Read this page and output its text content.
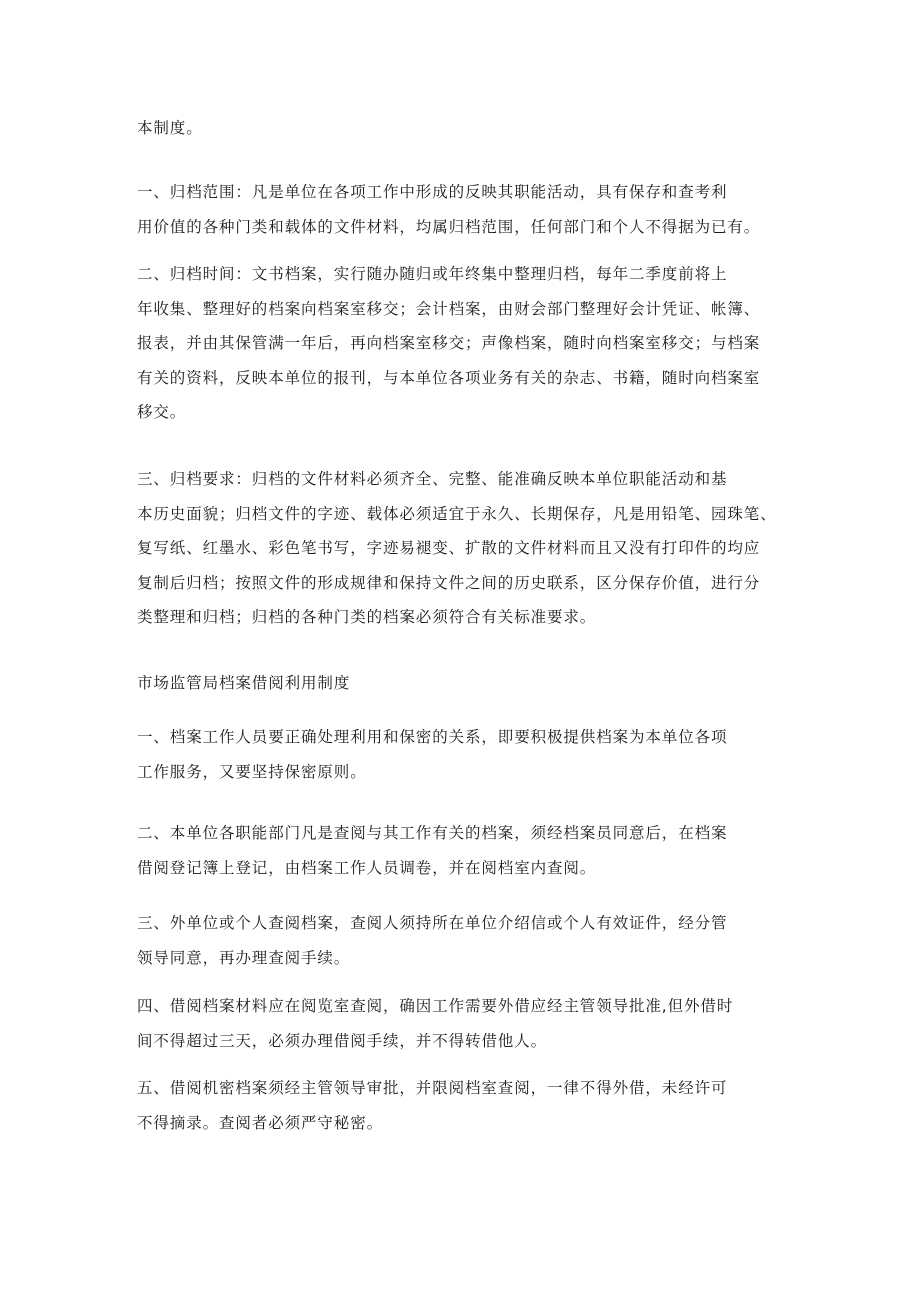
本制度。

一、归档范围：凡是单位在各项工作中形成的反映其职能活动，具有保存和查考利
用价值的各种门类和载体的文件材料，均属归档范围，任何部门和个人不得据为已有。

二、归档时间：文书档案，实行随办随归或年终集中整理归档，每年二季度前将上
年收集、整理好的档案向档案室移交；会计档案，由财会部门整理好会计凭证、帐簿、
报表，并由其保管满一年后，再向档案室移交；声像档案，随时向档案室移交；与档案
有关的资料，反映本单位的报刊，与本单位各项业务有关的杂志、书籍，随时向档案室
移交。

三、归档要求：归档的文件材料必须齐全、完整、能准确反映本单位职能活动和基
本历史面貌；归档文件的字迹、载体必须适宜于永久、长期保存，凡是用铅笔、园珠笔、
复写纸、红墨水、彩色笔书写，字迹易褪变、扩散的文件材料而且又没有打印件的均应
复制后归档；按照文件的形成规律和保持文件之间的历史联系，区分保存价值，进行分
类整理和归档；归档的各种门类的档案必须符合有关标准要求。

市场监管局档案借阅利用制度

一、档案工作人员要正确处理利用和保密的关系，即要积极提供档案为本单位各项
工作服务，又要坚持保密原则。

二、本单位各职能部门凡是查阅与其工作有关的档案，须经档案员同意后，在档案
借阅登记簿上登记，由档案工作人员调卷，并在阅档室内查阅。

三、外单位或个人查阅档案，查阅人须持所在单位介绍信或个人有效证件，经分管
领导同意，再办理查阅手续。

四、借阅档案材料应在阅览室查阅，确因工作需要外借应经主管领导批准,但外借时
间不得超过三天，必须办理借阅手续，并不得转借他人。

五、借阅机密档案须经主管领导审批，并限阅档室查阅，一律不得外借，未经许可
不得摘录。查阅者必须严守秘密。
